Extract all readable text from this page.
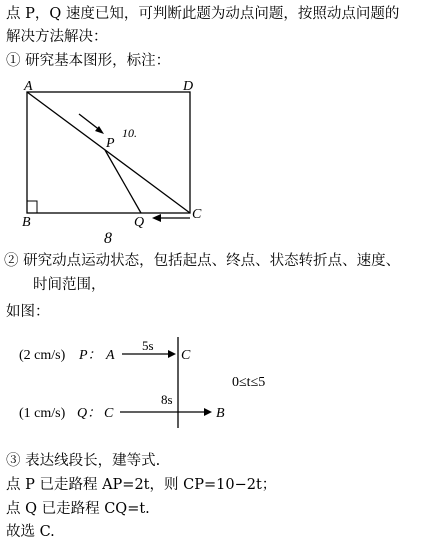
点 P，Q 速度已知，可判断此题为动点问题，按照动点问题的
解决方法解决：
① 研究基本图形，标注：
A	D
B
C
P
Q
10.
8
② 研究动点运动状态，包括起点、终点、状态转折点、速度、
时间范围，
如图：
(2 cm/s) P： A
5s
C
(1 cm/s) Q： C
8s
B
0≤t≤5
③ 表达线段长，建等式.
点 P 已走路程 AP=2t，则 CP=10−2t；
点 Q 已走路程 CQ=t.
故选 C.
